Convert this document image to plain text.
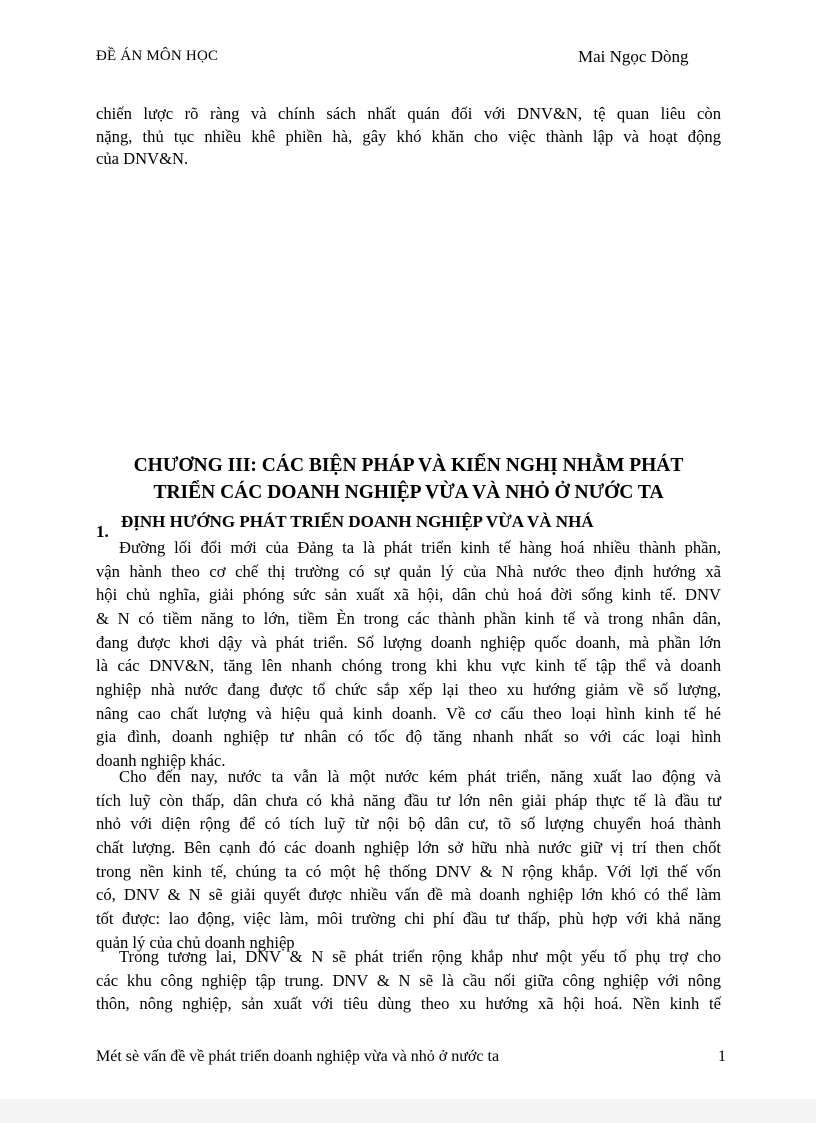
ĐỀ ÁN MÔN HỌC	Mai Ngọc Dòng
chiến lược rõ ràng và chính sách nhất quán đối với DNV&N, tệ quan liêu còn
nặng, thủ tục nhiều khê phiền hà, gây khó khăn cho việc thành lập và hoạt động
của DNV&N.
CHƯƠNG III: CÁC BIỆN PHÁP VÀ KIẾN NGHỊ NHẰM PHÁT
TRIỂN CÁC DOANH NGHIỆP VỪA VÀ NHỎ Ở NƯỚC TA
1.
ĐỊNH HƯỚNG PHÁT TRIỂN DOANH NGHIỆP VỪA VÀ NHÁ
Đường lối đổi mới của Đảng ta là phát triển kinh tế hàng hoá nhiều thành phần,
vận hành theo cơ chế thị trường có sự quản lý của Nhà nước theo định hướng xã
hội chủ nghĩa, giải phóng sức sản xuất xã hội, dân chủ hoá đời sống kinh tế. DNV
& N có tiềm năng to lớn, tiềm Èn trong các thành phần kinh tế và trong nhân dân,
đang được khơi dậy và phát triển. Số lượng doanh nghiệp quốc doanh, mà phần lớn
là các DNV&N, tăng lên nhanh chóng trong khi khu vực kinh tế tập thể và doanh
nghiệp nhà nước đang được tổ chức sắp xếp lại theo xu hướng giảm về số lượng,
nâng cao chất lượng và hiệu quả kinh doanh. Về cơ cấu theo loại hình kinh tế hé
gia đình, doanh nghiệp tư nhân có tốc độ tăng nhanh nhất so với các loại hình
doanh nghiệp khác.
Cho đến nay, nước ta vẫn là một nước kém phát triển, năng xuất lao động và
tích luỹ còn thấp, dân chưa có khả năng đầu tư lớn nên giải pháp thực tế là đầu tư
nhỏ với diện rộng để có tích luỹ từ nội bộ dân cư, tõ số lượng chuyển hoá thành
chất lượng. Bên cạnh đó các doanh nghiệp lớn sở hữu nhà nước giữ vị trí then chốt
trong nền kinh tế, chúng ta có một hệ thống DNV & N rộng khắp. Với lợi thế vốn
có, DNV & N sẽ giải quyết được nhiều vấn đề mà doanh nghiệp lớn khó có thể làm
tốt được: lao động, việc làm, môi trường chi phí đầu tư thấp, phù hợp với khả năng
quản lý của chủ doanh nghiệp
Trong tương lai, DNV & N sẽ phát triển rộng khắp như một yếu tố phụ trợ cho
các khu công nghiệp tập trung. DNV & N sẽ là cầu nối giữa công nghiệp với nông
thôn, nông nghiệp, sản xuất với tiêu dùng theo xu hướng xã hội hoá. Nền kinh tế
Mét sè vấn đề về phát triển doanh nghiệp vừa và nhỏ ở nước ta	1
